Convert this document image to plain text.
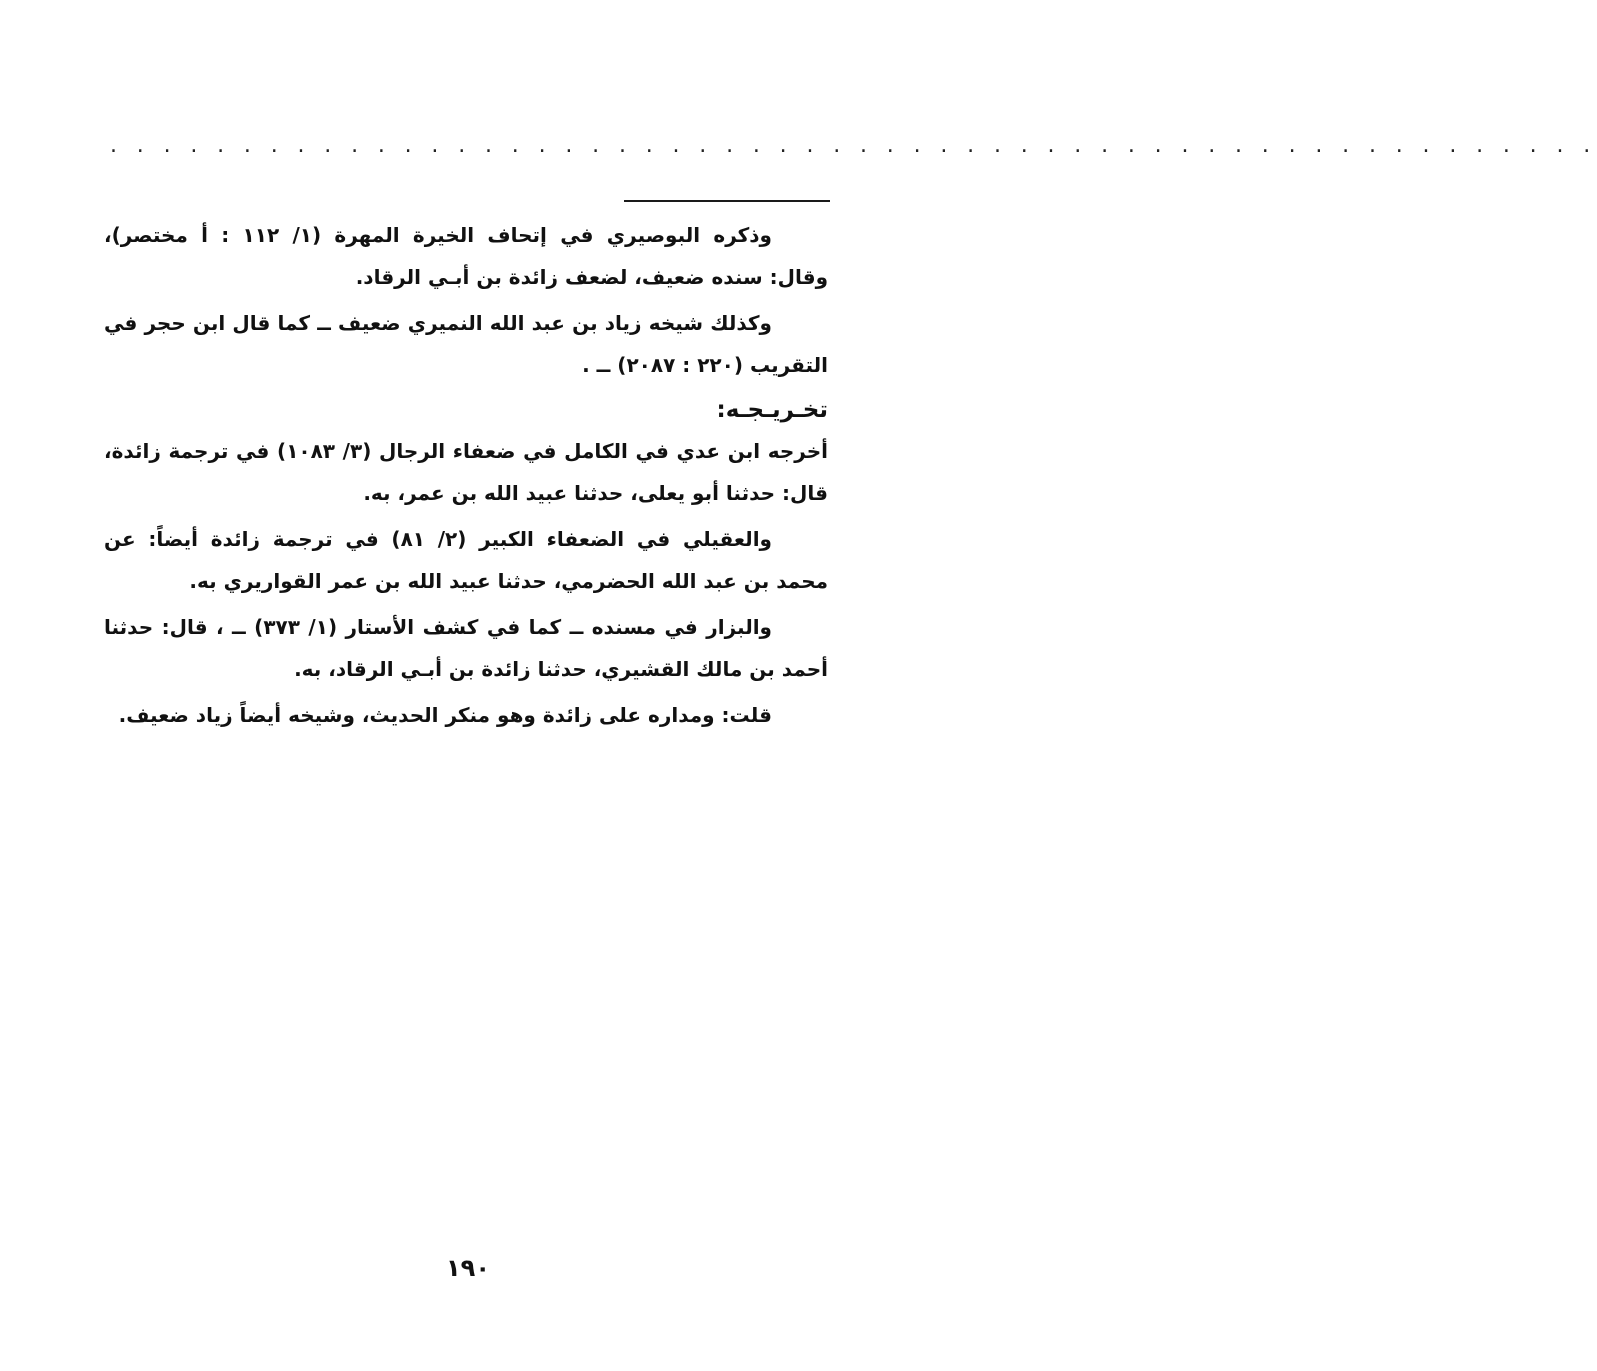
. . . . . . . . . . . . . . . . . . . . . . . . . . . . . . . . . . . . . . . . . . . . . . . . . . . . . . . .

وذكره البوصيري في إتحاف الخيرة المهرة (١/ ١١٢ : أ مختصر)، وقال: سنده ضعيف، لضعف زائدة بن أبـي الرقاد.

وكذلك شيخه زياد بن عبد الله النميري ضعيف ــ كما قال ابن حجر في التقريب (٢٢٠ : ٢٠٨٧) ــ .

تخـريـجـه:

أخرجه ابن عدي في الكامل في ضعفاء الرجال (٣/ ١٠٨٣) في ترجمة زائدة، قال: حدثنا أبو يعلى، حدثنا عبيد الله بن عمر، به.

والعقيلي في الضعفاء الكبير (٢/ ٨١) في ترجمة زائدة أيضاً: عن محمد بن عبد الله الحضرمي، حدثنا عبيد الله بن عمر القواريري به.

والبزار في مسنده ــ كما في كشف الأستار (١/ ٣٧٣) ــ ، قال: حدثنا أحمد بن مالك القشيري، حدثنا زائدة بن أبـي الرقاد، به.

قلت: ومداره على زائدة وهو منكر الحديث، وشيخه أيضاً زياد ضعيف.

١٩٠
